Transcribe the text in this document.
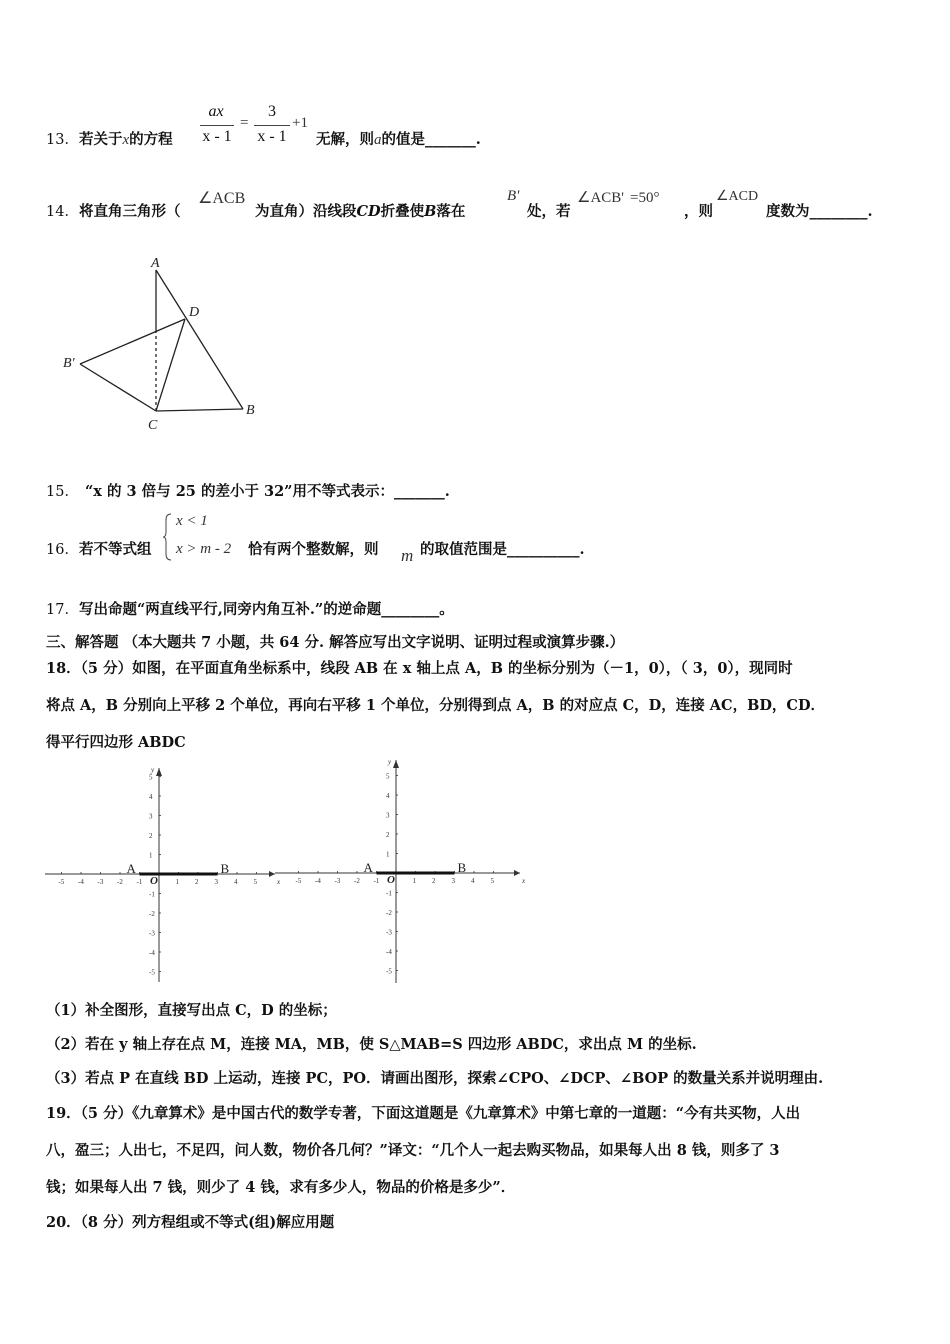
13．若关于x的方程
ax
x - 1
=
3
x - 1
+1
无解，则a的值是_______.
14．将直角三角形（
∠ACB
为直角）沿线段CD折叠使B落在
B'
处，若
∠ACB' =50°
，则
∠ACD
度数为________.
A
D
B′
C
B
15． “x 的 3 倍与 25 的差小于 32”用不等式表示：_______.
16．若不等式组
x < 1
x > m - 2 恰有两个整数解，则 m 的取值范围是__________.
17．写出命题“两直线平行,同旁内角互补.”的逆命题________。
三、解答题 （本大题共 7 小题，共 64 分. 解答应写出文字说明、证明过程或演算步骤.）
18．（5 分）如图，在平面直角坐标系中，线段 AB 在 x 轴上点 A，B 的坐标分别为（－1，0），（ 3，0），现同时
将点 A，B 分别向上平移 2 个单位，再向右平移 1 个单位，分别得到点 A，B 的对应点 C，D，连接 AC，BD，CD．
得平行四边形 ABDC
x
y
1
1
-1
-1
2
2
-2
-2
3
3
-3
-3
4
4
-4
-4
5
5
-5
-5
O
A	B
x
y
1
1
-1
-1
2
2
-2
-2
3
3
-3
-3
4
4
-4
-4
5
5
-5
-5
O
A	B
（1）补全图形，直接写出点 C，D 的坐标；
（2）若在 y 轴上存在点 M，连接 MA，MB，使 S△MAB=S 四边形 ABDC，求出点 M 的坐标.
（3）若点 P 在直线 BD 上运动，连接 PC，PO．请画出图形，探索∠CPO、∠DCP、∠BOP 的数量关系并说明理由.
19．（5 分）《九章算术》是中国古代的数学专著，下面这道题是《九章算术》中第七章的一道题：“今有共买物，人出
八，盈三；人出七，不足四，问人数，物价各几何？”译文：“几个人一起去购买物品，如果每人出 8 钱，则多了 3
钱；如果每人出 7 钱，则少了 4 钱，求有多少人，物品的价格是多少”．
20．（8 分）列方程组或不等式(组)解应用题
